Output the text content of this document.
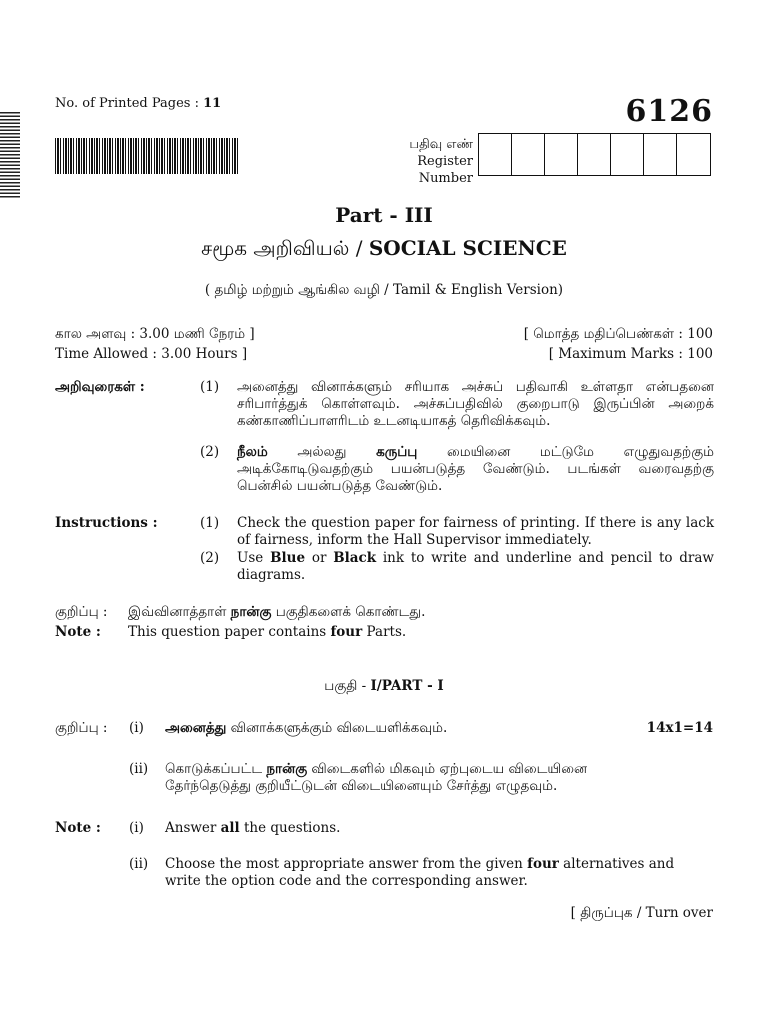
No. of Printed Pages : 11	6126
பதிவு எண்
Register
Number
Part - III
சமூக அறிவியல் / SOCIAL SCIENCE
( தமிழ் மற்றும் ஆங்கில வழி / Tamil & English Version)
கால அளவு : 3.00 மணி நேரம் ]
Time Allowed : 3.00 Hours ]
[ மொத்த மதிப்பெண்கள் : 100
[ Maximum Marks : 100
அறிவுரைகள் :	(1) அனைத்து வினாக்களும் சரியாக அச்சுப் பதிவாகி உள்ளதா என்பதனை சரிபார்த்துக் கொள்ளவும். அச்சுப்பதிவில் குறைபாடு இருப்பின் அறைக் கண்காணிப்பாளரிடம் உடனடியாகத் தெரிவிக்கவும்.
(2) நீலம் அல்லது கருப்பு மையினை மட்டுமே எழுதுவதற்கும் அடிக்கோடிடுவதற்கும் பயன்படுத்த வேண்டும். படங்கள் வரைவதற்கு பென்சில் பயன்படுத்த வேண்டும்.
Instructions :	(1) Check the question paper for fairness of printing. If there is any lack of fairness, inform the Hall Supervisor immediately.
(2) Use Blue or Black ink to write and underline and pencil to draw diagrams.
குறிப்பு : இவ்வினாத்தாள் நான்கு பகுதிகளைக் கொண்டது.
Note : This question paper contains four Parts.
பகுதி - I/PART - I
குறிப்பு : (i) அனைத்து வினாக்களுக்கும் விடையளிக்கவும்.	14x1=14
(ii) கொடுக்கப்பட்ட நான்கு விடைகளில் மிகவும் ஏற்புடைய விடையினை தேர்ந்தெடுத்து குறியீட்டுடன் விடையினையும் சேர்த்து எழுதவும்.
Note : (i) Answer all the questions.
(ii) Choose the most appropriate answer from the given four alternatives and write the option code and the corresponding answer.
[ திருப்புக / Turn over
